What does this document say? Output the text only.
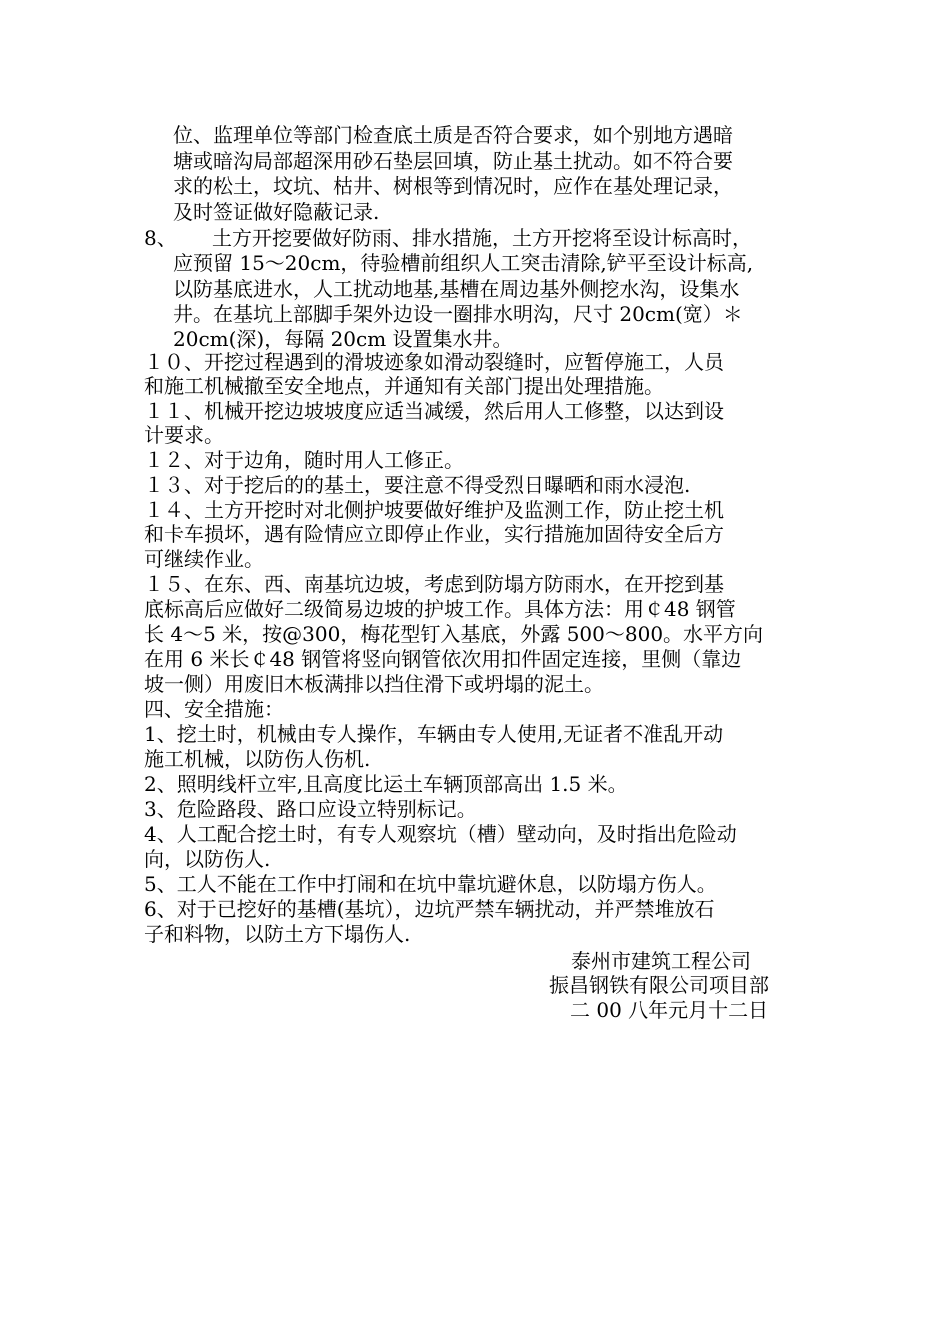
位、监理单位等部门检查底土质是否符合要求，如个别地方遇暗
塘或暗沟局部超深用砂石垫层回填，防止基土扰动。如不符合要
求的松土，坟坑、枯井、树根等到情况时，应作在基处理记录，
及时签证做好隐蔽记录.
8、 土方开挖要做好防雨、排水措施，土方开挖将至设计标高时，
应预留 15～20cm，待验槽前组织人工突击清除,铲平至设计标高,
以防基底进水，人工扰动地基,基槽在周边基外侧挖水沟，设集水
井。在基坑上部脚手架外边设一圈排水明沟，尺寸 20cm(宽）＊
20cm(深)，每隔 20cm 设置集水井。
１０、开挖过程遇到的滑坡迹象如滑动裂缝时，应暂停施工，人员
和施工机械撤至安全地点，并通知有关部门提出处理措施。
１１、机械开挖边坡坡度应适当减缓，然后用人工修整，以达到设
计要求。
１２、对于边角，随时用人工修正。
１３、对于挖后的的基土，要注意不得受烈日曝晒和雨水浸泡.
１４、土方开挖时对北侧护坡要做好维护及监测工作，防止挖土机
和卡车损坏，遇有险情应立即停止作业，实行措施加固待安全后方
可继续作业。
１５、在东、西、南基坑边坡，考虑到防塌方防雨水，在开挖到基
底标高后应做好二级简易边坡的护坡工作。具体方法：用￠48 钢管
长 4～5 米，按@300，梅花型钉入基底，外露 500～800。水平方向
在用 6 米长￠48 钢管将竖向钢管依次用扣件固定连接，里侧（靠边
坡一侧）用废旧木板满排以挡住滑下或坍塌的泥土。
四、安全措施：
1、挖土时，机械由专人操作，车辆由专人使用,无证者不准乱开动
施工机械，以防伤人伤机.
2、照明线杆立牢,且高度比运土车辆顶部高出 1.5 米。
3、危险路段、路口应设立特别标记。
4、人工配合挖土时，有专人观察坑（槽）壁动向，及时指出危险动
向，以防伤人.
5、工人不能在工作中打闹和在坑中靠坑避休息，以防塌方伤人。
6、对于已挖好的基槽(基坑），边坑严禁车辆扰动，并严禁堆放石
子和料物，以防土方下塌伤人.
泰州市建筑工程公司
振昌钢铁有限公司项目部
二 00 八年元月十二日
